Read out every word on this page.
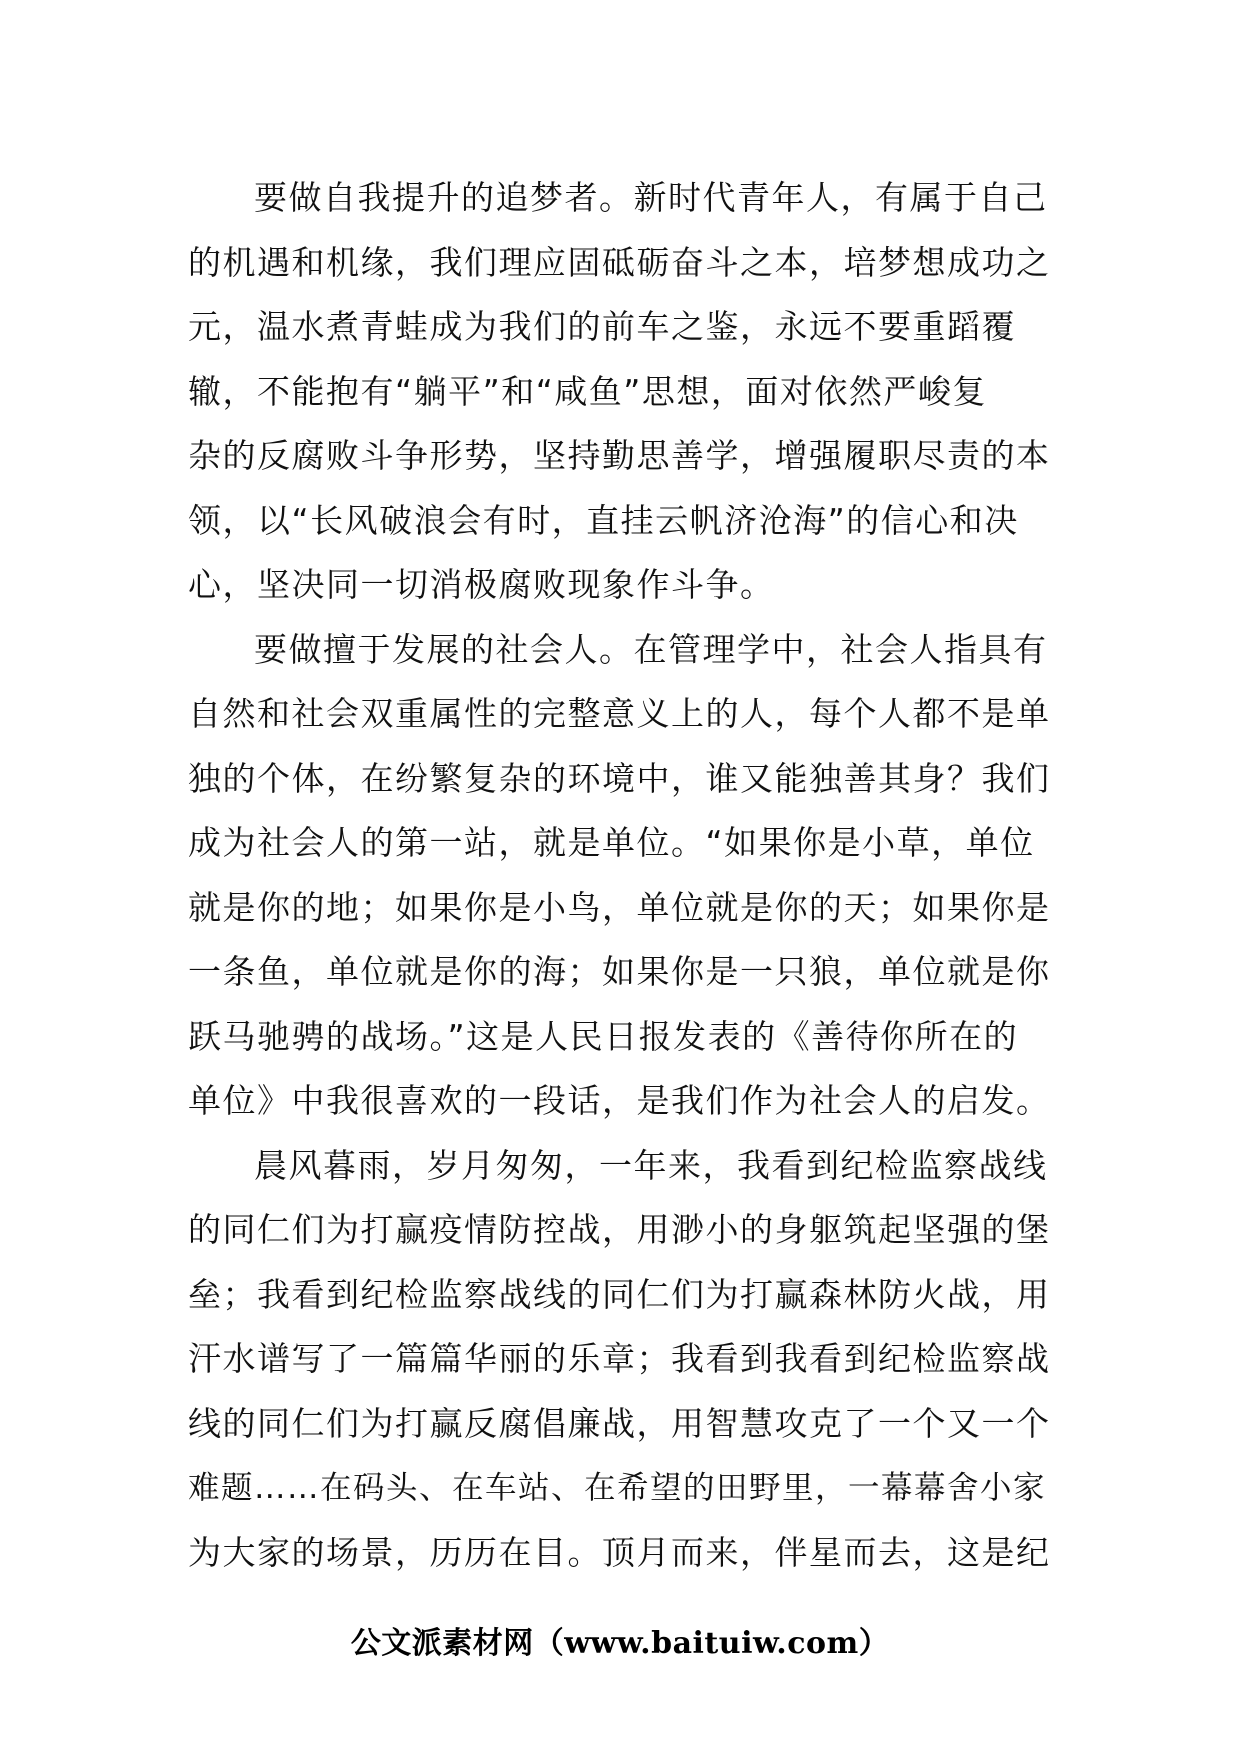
要做自我提升的追梦者。新时代青年人，有属于自己
的机遇和机缘，我们理应固砥砺奋斗之本，培梦想成功之
元，温水煮青蛙成为我们的前车之鉴，永远不要重蹈覆
辙，不能抱有“躺平”和“咸鱼”思想，面对依然严峻复
杂的反腐败斗争形势，坚持勤思善学，增强履职尽责的本
领，以“长风破浪会有时，直挂云帆济沧海”的信心和决
心，坚决同一切消极腐败现象作斗争。
要做擅于发展的社会人。在管理学中，社会人指具有
自然和社会双重属性的完整意义上的人，每个人都不是单
独的个体，在纷繁复杂的环境中，谁又能独善其身？我们
成为社会人的第一站，就是单位。“如果你是小草，单位
就是你的地；如果你是小鸟，单位就是你的天；如果你是
一条鱼，单位就是你的海；如果你是一只狼，单位就是你
跃马驰骋的战场。”这是人民日报发表的《善待你所在的
单位》中我很喜欢的一段话，是我们作为社会人的启发。
晨风暮雨，岁月匆匆，一年来，我看到纪检监察战线
的同仁们为打赢疫情防控战，用渺小的身躯筑起坚强的堡
垒；我看到纪检监察战线的同仁们为打赢森林防火战，用
汗水谱写了一篇篇华丽的乐章；我看到我看到纪检监察战
线的同仁们为打赢反腐倡廉战，用智慧攻克了一个又一个
难题……在码头、在车站、在希望的田野里，一幕幕舍小家
为大家的场景，历历在目。顶月而来，伴星而去，这是纪
公文派素材网（www.baituiw.com）
